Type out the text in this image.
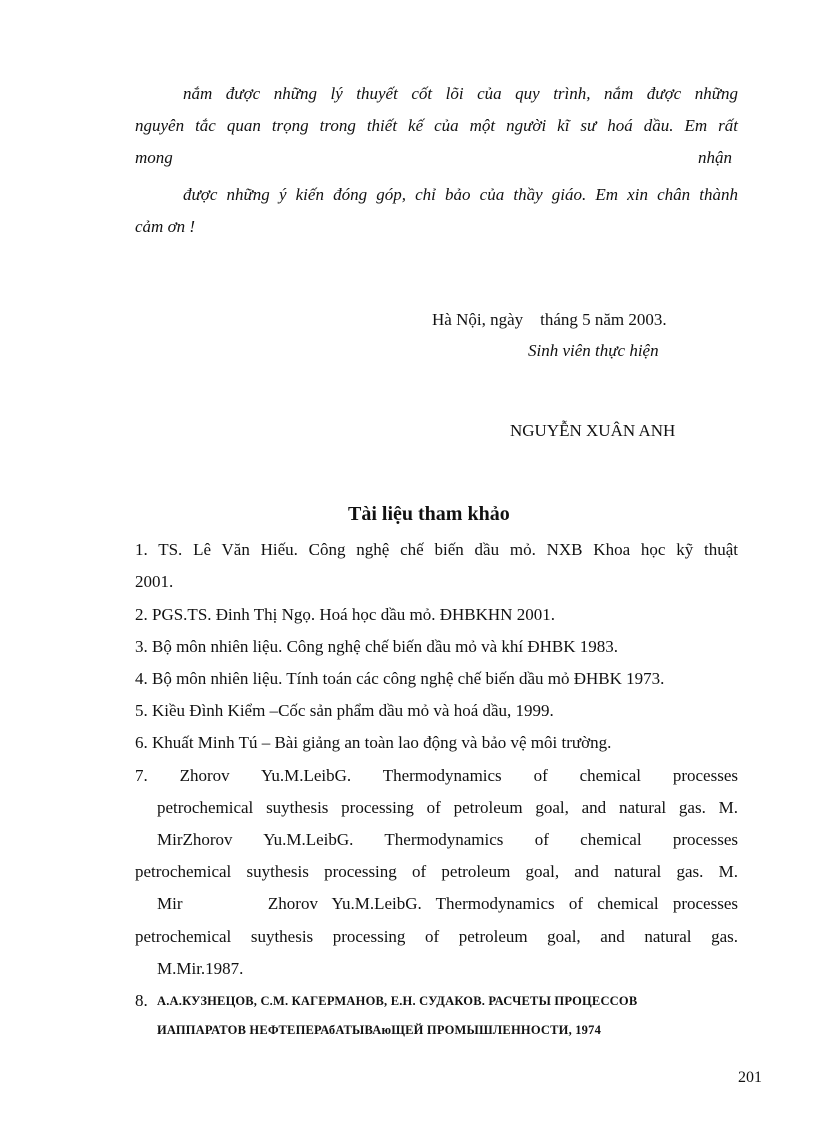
nắm được những lý thuyết cốt lõi của quy trình, nắm được những
nguyên tắc quan trọng trong thiết kế của một người kĩ sư hoá dầu. Em rất
mong	nhận
được những ý kiến đóng góp, chỉ bảo của thầy giáo. Em xin chân thành
cảm ơn !
Hà Nội, ngày    tháng 5 năm 2003.
Sinh viên thực hiện
NGUYỄN XUÂN ANH
Tài liệu tham khảo
1. TS. Lê Văn Hiếu. Công nghệ chế biến dầu mỏ. NXB Khoa học kỹ thuật
2001.
2. PGS.TS. Đinh Thị Ngọ. Hoá học dầu mỏ. ĐHBKHN 2001.
3. Bộ môn nhiên liệu. Công nghệ chế biến dầu mỏ và khí ĐHBK 1983.
4. Bộ môn nhiên liệu. Tính toán các công nghệ chế biến dầu mỏ ĐHBK 1973.
5. Kiều Đình Kiểm –Cốc sản phẩm dầu mỏ và hoá dầu, 1999.
6. Khuất Minh Tú – Bài giảng an toàn lao động và bảo vệ môi trường.
7. Zhorov Yu.M.LeibG. Thermodynamics of chemical processes
petrochemical suythesis processing of petroleum goal, and natural gas. M.
MirZhorov Yu.M.LeibG. Thermodynamics of chemical processes
petrochemical suythesis processing of petroleum goal, and natural gas. M.
Mir      Zhorov Yu.M.LeibG. Thermodynamics of chemical processes
petrochemical suythesis processing of petroleum goal, and natural gas.
M.Mir.1987.
8. А.А.КУЗНЕЦОВ, С.М. КАГЕРМАНОВ, Е.Н. СУДАКОВ. РАСЧЕТЫ ПРОЦЕССОВ
ИАППАРАТОВ НЕФТЕПЕРАбАТЫВАюЩЕЙ ПРОМЫШЛЕННОСТИ, 1974
201
